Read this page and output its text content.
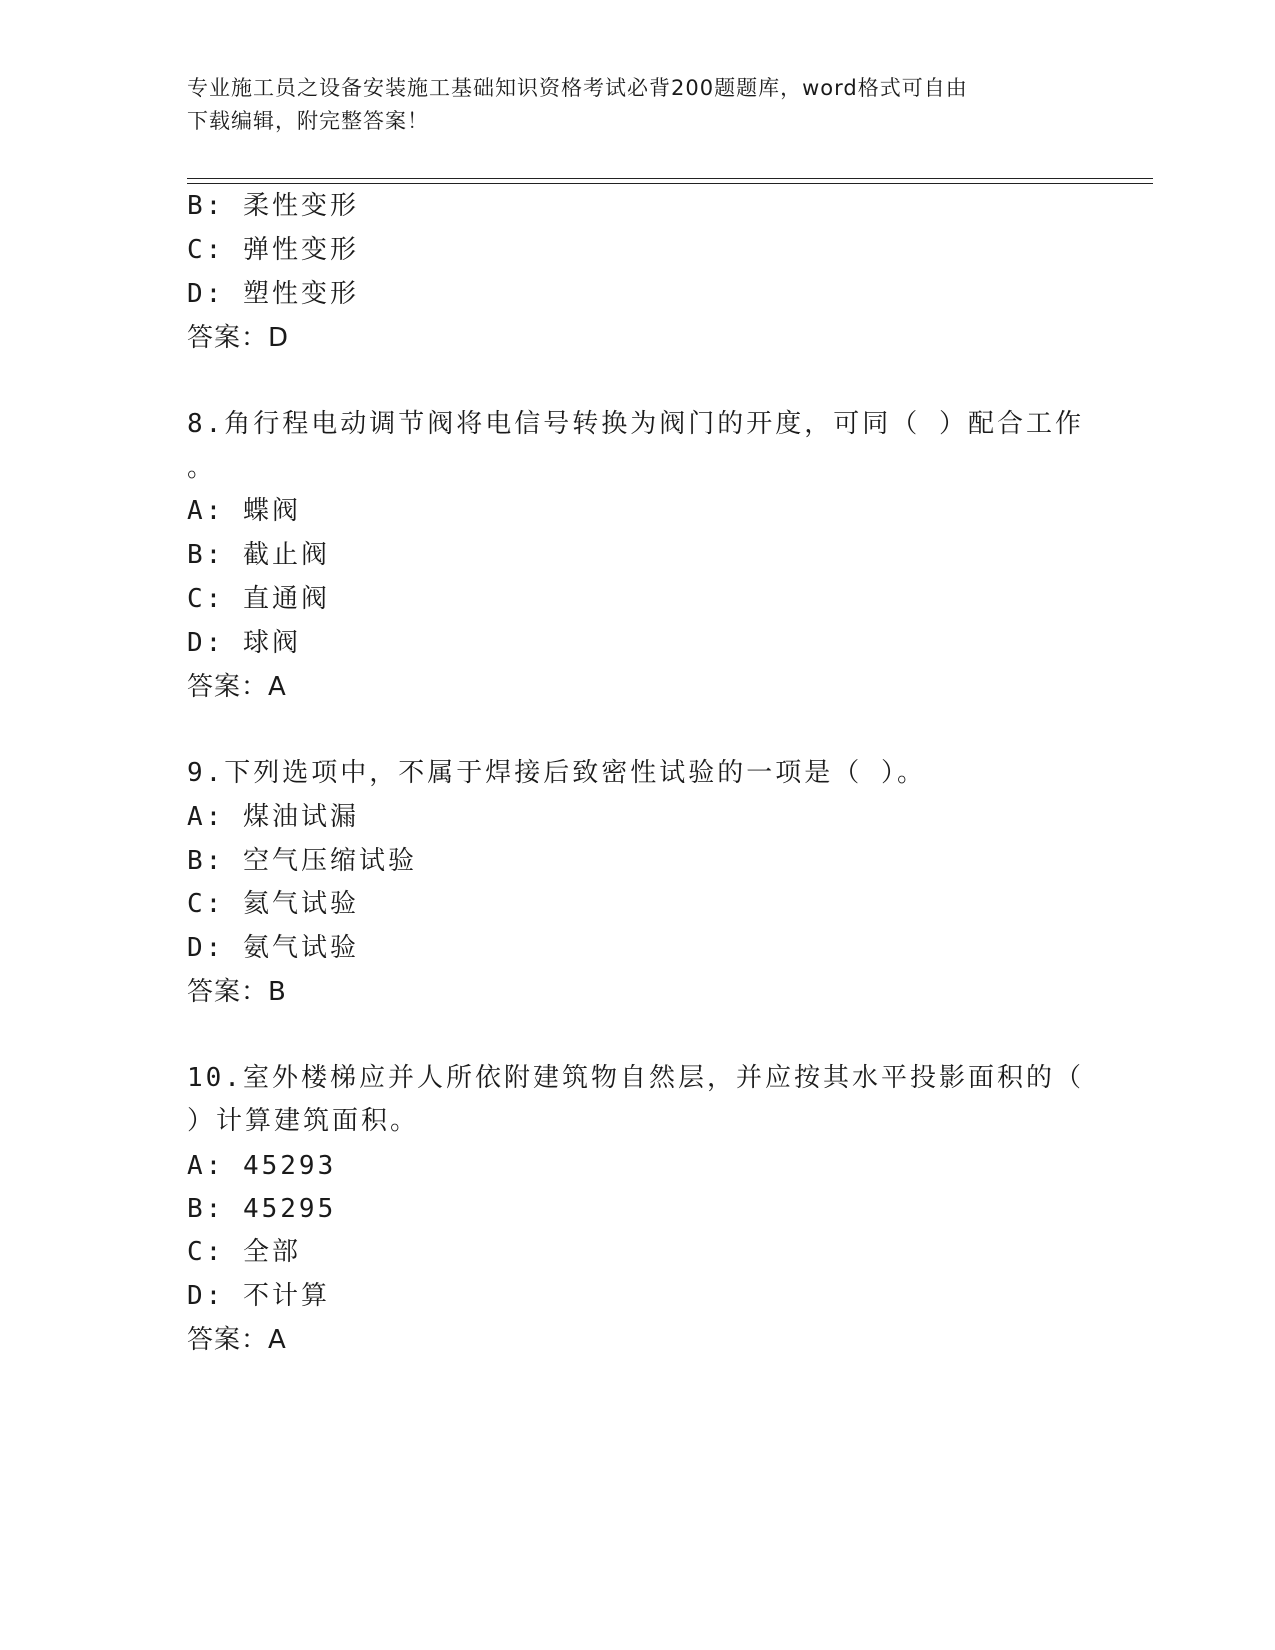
专业施工员之设备安装施工基础知识资格考试必背200题题库，word格式可自由
下载编辑，附完整答案！
B: 柔性变形
C: 弹性变形
D: 塑性变形
答案：D
8.角行程电动调节阀将电信号转换为阀门的开度，可同（ ）配合工作
。
A: 蝶阀
B: 截止阀
C: 直通阀
D: 球阀
答案：A
9.下列选项中，不属于焊接后致密性试验的一项是（ ）。
A: 煤油试漏
B: 空气压缩试验
C: 氦气试验
D: 氨气试验
答案：B
10.室外楼梯应并人所依附建筑物自然层，并应按其水平投影面积的（
）计算建筑面积。
A: 45293
B: 45295
C: 全部
D: 不计算
答案：A
